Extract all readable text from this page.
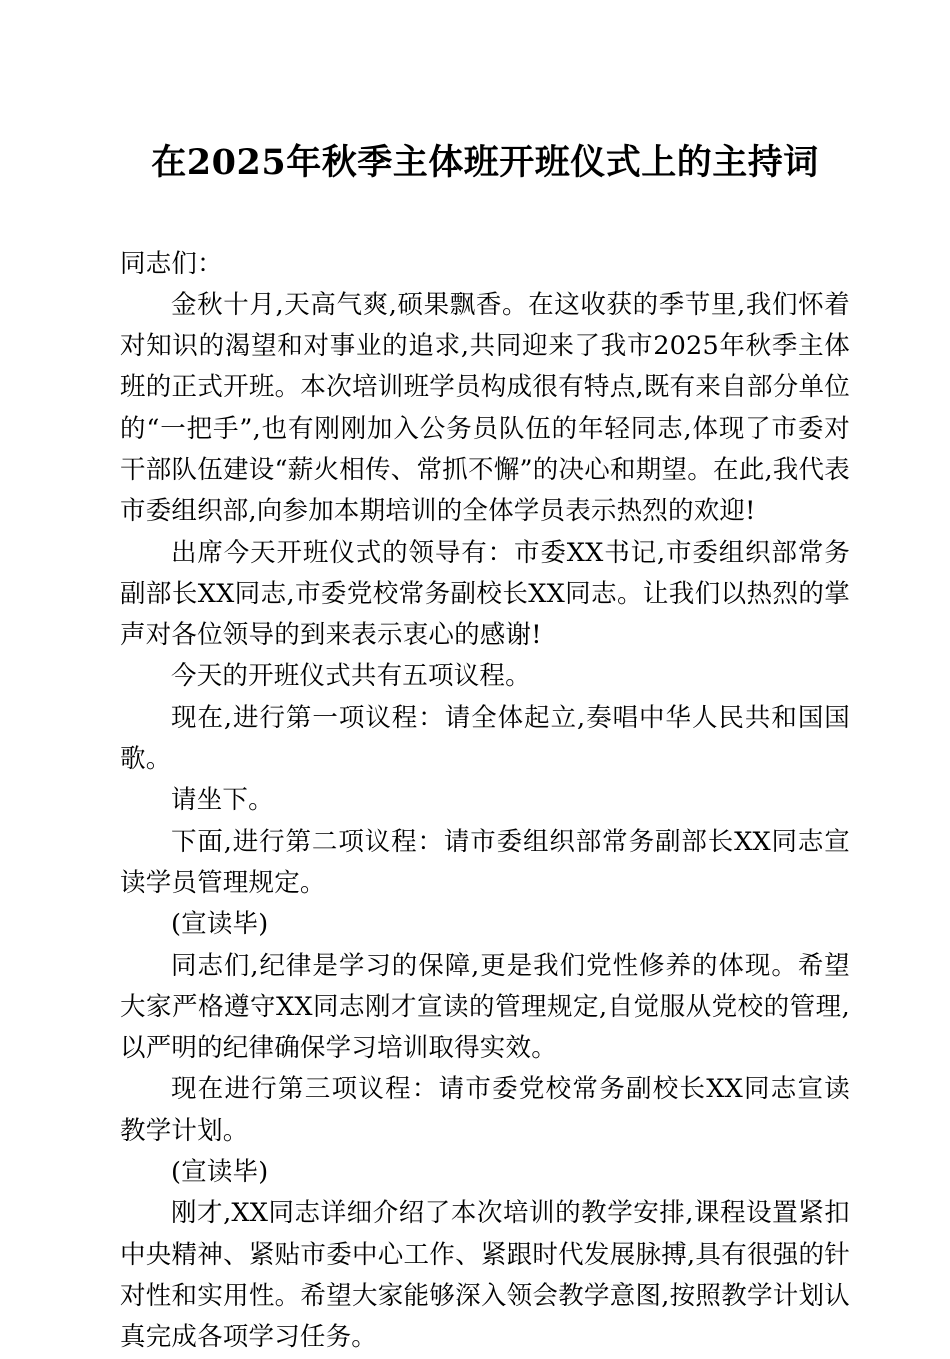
在2025年秋季主体班开班仪式上的主持词

同志们：

金秋十月,天高气爽,硕果飘香。在这收获的季节里,我们怀着对知识的渴望和对事业的追求,共同迎来了我市2025年秋季主体班的正式开班。本次培训班学员构成很有特点,既有来自部分单位的“一把手”,也有刚刚加入公务员队伍的年轻同志,体现了市委对干部队伍建设“薪火相传、常抓不懈”的决心和期望。在此,我代表市委组织部,向参加本期培训的全体学员表示热烈的欢迎!

出席今天开班仪式的领导有：市委XX书记,市委组织部常务副部长XX同志,市委党校常务副校长XX同志。让我们以热烈的掌声对各位领导的到来表示衷心的感谢!

今天的开班仪式共有五项议程。

现在,进行第一项议程：请全体起立,奏唱中华人民共和国国歌。

请坐下。

下面,进行第二项议程：请市委组织部常务副部长XX同志宣读学员管理规定。

(宣读毕)

同志们,纪律是学习的保障,更是我们党性修养的体现。希望大家严格遵守XX同志刚才宣读的管理规定,自觉服从党校的管理,以严明的纪律确保学习培训取得实效。

现在进行第三项议程：请市委党校常务副校长XX同志宣读教学计划。

(宣读毕)

刚才,XX同志详细介绍了本次培训的教学安排,课程设置紧扣中央精神、紧贴市委中心工作、紧跟时代发展脉搏,具有很强的针对性和实用性。希望大家能够深入领会教学意图,按照教学计划认真完成各项学习任务。
